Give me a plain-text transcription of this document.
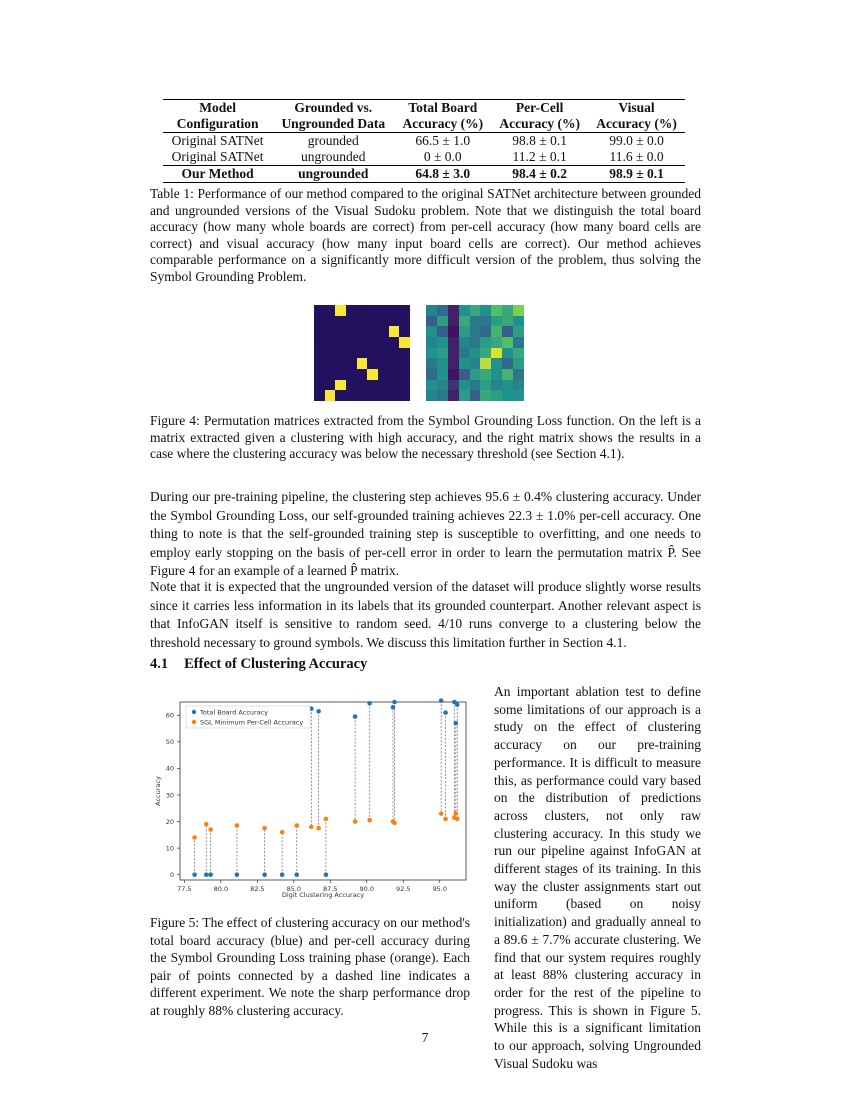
Model	Grounded vs.	Total Board	Per-Cell	Visual
Configuration	Ungrounded Data	Accuracy (%)	Accuracy (%)	Accuracy (%)
Original SATNet	grounded	66.5 ± 1.0	98.8 ± 0.1	99.0 ± 0.0
Original SATNet	ungrounded	0 ± 0.0	11.2 ± 0.1	11.6 ± 0.0
Our Method	ungrounded	64.8 ± 3.0	98.4 ± 0.2	98.9 ± 0.1

Table 1: Performance of our method compared to the original SATNet architecture between grounded and ungrounded versions of the Visual Sudoku problem. Note that we distinguish the total board accuracy (how many whole boards are correct) from per-cell accuracy (how many board cells are correct) and visual accuracy (how many input board cells are correct). Our method achieves comparable performance on a significantly more difficult version of the problem, thus solving the Symbol Grounding Problem.

Figure 4: Permutation matrices extracted from the Symbol Grounding Loss function. On the left is a matrix extracted given a clustering with high accuracy, and the right matrix shows the results in a case where the clustering accuracy was below the necessary threshold (see Section 4.1).

During our pre-training pipeline, the clustering step achieves 95.6 ± 0.4% clustering accuracy. Under the Symbol Grounding Loss, our self-grounded training achieves 22.3 ± 1.0% per-cell accuracy. One thing to note is that the self-grounded training step is susceptible to overfitting, and one needs to employ early stopping on the basis of per-cell error in order to learn the permutation matrix P̂. See Figure 4 for an example of a learned P̂ matrix.

Note that it is expected that the ungrounded version of the dataset will produce slightly worse results since it carries less information in its labels that its grounded counterpart. Another relevant aspect is that InfoGAN itself is sensitive to random seed. 4/10 runs converge to a clustering below the threshold necessary to ground symbols. We discuss this limitation further in Section 4.1.

4.1 Effect of Clustering Accuracy
77.5	80.0	82.5	85.0	87.5	90.0	92.5	95.0
0
10
20
30
40
50
60	Total Board Accuracy
SGL Minimum Per-Cell Accuracy
Digit Clustering Accuracy
Accuracy

Figure 5: The effect of clustering accuracy on our method's total board accuracy (blue) and per-cell accuracy during the Symbol Grounding Loss training phase (orange). Each pair of points connected by a dashed line indicates a different experiment. We note the sharp performance drop at roughly 88% clustering accuracy.

An important ablation test to define some limitations of our approach is a study on the effect of clustering accuracy on our pre-training performance. It is difficult to measure this, as performance could vary based on the distribution of predictions across clusters, not only raw clustering accuracy. In this study we run our pipeline against InfoGAN at different stages of its training. In this way the cluster assignments start out uniform (based on noisy initialization) and gradually anneal to a 89.6 ± 7.7% accurate clustering. We find that our system requires roughly at least 88% clustering accuracy in order for the rest of the pipeline to progress. This is shown in Figure 5. While this is a significant limitation to our approach, solving Ungrounded Visual Sudoku was

7
